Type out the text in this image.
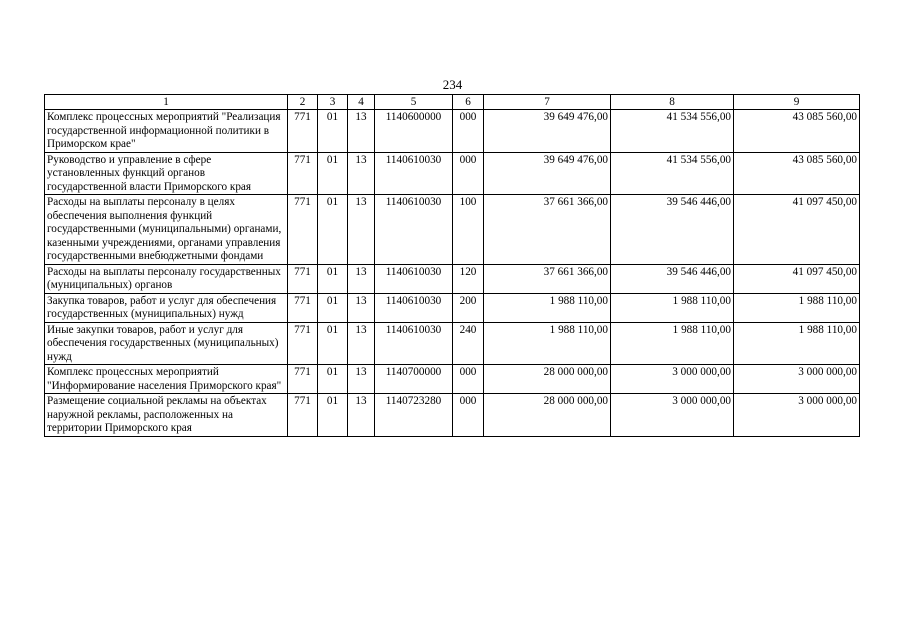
234
1	2	3	4	5	6	7	8	9
Комплекс процессных мероприятий "Реализация государственной информационной политики в Приморском крае"	771	01	13	1140600000	000	39 649 476,00	41 534 556,00	43 085 560,00
Руководство и управление в сфере установленных функций органов государственной власти Приморского края	771	01	13	1140610030	000	39 649 476,00	41 534 556,00	43 085 560,00
Расходы на выплаты персоналу в целях обеспечения выполнения функций государственными (муниципальными) органами, казенными учреждениями, органами управления государственными внебюджетными фондами	771	01	13	1140610030	100	37 661 366,00	39 546 446,00	41 097 450,00
Расходы на выплаты персоналу государственных (муниципальных) органов	771	01	13	1140610030	120	37 661 366,00	39 546 446,00	41 097 450,00
Закупка товаров, работ и услуг для обеспечения государственных (муниципальных) нужд	771	01	13	1140610030	200	1 988 110,00	1 988 110,00	1 988 110,00
Иные закупки товаров, работ и услуг для обеспечения государственных (муниципальных) нужд	771	01	13	1140610030	240	1 988 110,00	1 988 110,00	1 988 110,00
Комплекс процессных мероприятий "Информирование населения Приморского края"	771	01	13	1140700000	000	28 000 000,00	3 000 000,00	3 000 000,00
Размещение социальной рекламы на объектах наружной рекламы, расположенных на территории Приморского края	771	01	13	1140723280	000	28 000 000,00	3 000 000,00	3 000 000,00
